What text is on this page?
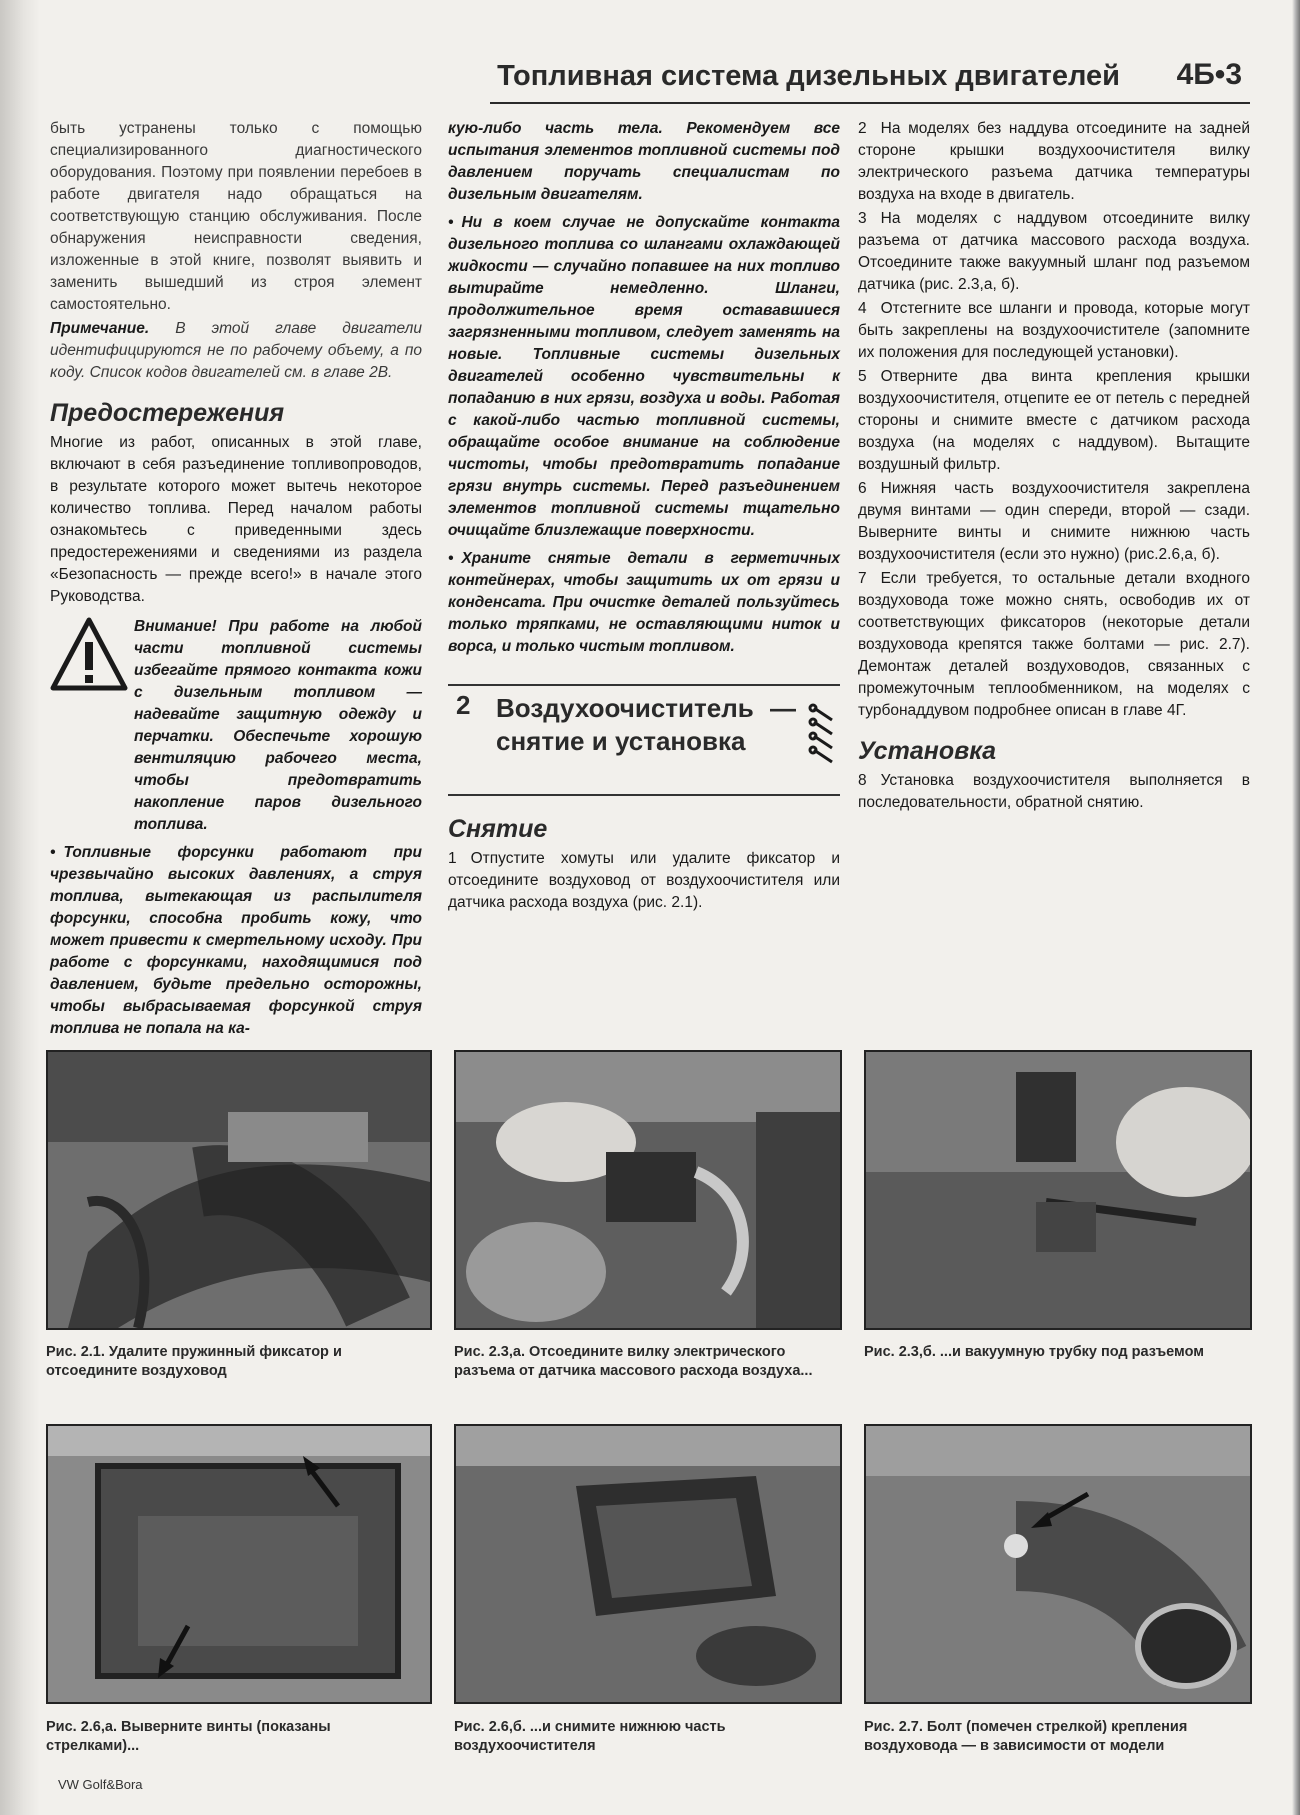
Топливная система дизельных двигателей 4Б•3

быть устранены только с помощью специализированного диагностического оборудования. Поэтому при появлении перебоев в работе двигателя надо обращаться на соответствующую станцию обслуживания. После обнаружения неисправности сведения, изложенные в этой книге, позволят выявить и заменить вышедший из строя элемент самостоятельно.

Примечание. В этой главе двигатели идентифицируются не по рабочему объему, а по коду. Список кодов двигателей см. в главе 2В.

Предостережения

Многие из работ, описанных в этой главе, включают в себя разъединение топливопроводов, в результате которого может вытечь некоторое количество топлива. Перед началом работы ознакомьтесь с приведенными здесь предостережениями и сведениями из раздела «Безопасность — прежде всего!» в начале этого Руководства.

Внимание! При работе на любой части топливной системы избегайте прямого контакта кожи с дизельным топливом — надевайте защитную одежду и перчатки. Обеспечьте хорошую вентиляцию рабочего места, чтобы предотвратить накопление паров дизельного топлива.

• Топливные форсунки работают при чрезвычайно высоких давлениях, а струя топлива, вытекающая из распылителя форсунки, способна пробить кожу, что может привести к смертельному исходу. При работе с форсунками, находящимися под давлением, будьте предельно осторожны, чтобы выбрасываемая форсункой струя топлива не попала на ка-

кую-либо часть тела. Рекомендуем все испытания элементов топливной системы под давлением поручать специалистам по дизельным двигателям.

• Ни в коем случае не допускайте контакта дизельного топлива со шлангами охлаждающей жидкости — случайно попавшее на них топливо вытирайте немедленно. Шланги, продолжительное время остававшиеся загрязненными топливом, следует заменять на новые. Топливные системы дизельных двигателей особенно чувствительны к попаданию в них грязи, воздуха и воды. Работая с какой-либо частью топливной системы, обращайте особое внимание на соблюдение чистоты, чтобы предотвратить попадание грязи внутрь системы. Перед разъединением элементов топливной системы тщательно очищайте близлежащие поверхности.

• Храните снятые детали в герметичных контейнерах, чтобы защитить их от грязи и конденсата. При очистке деталей пользуйтесь только тряпками, не оставляющими ниток и ворса, и только чистым топливом.

2 Воздухоочиститель — снятие и установка
Снятие

1 Отпустите хомуты или удалите фиксатор и отсоедините воздуховод от воздухоочистителя или датчика расхода воздуха (рис. 2.1).

2 На моделях без наддува отсоедините на задней стороне крышки воздухоочистителя вилку электрического разъема датчика температуры воздуха на входе в двигатель.

3 На моделях с наддувом отсоедините вилку разъема от датчика массового расхода воздуха. Отсоедините также вакуумный шланг под разъемом датчика (рис. 2.3,а, б).

4 Отстегните все шланги и провода, которые могут быть закреплены на воздухоочистителе (запомните их положения для последующей установки).

5 Отверните два винта крепления крышки воздухоочистителя, отцепите ее от петель с передней стороны и снимите вместе с датчиком расхода воздуха (на моделях с наддувом). Вытащите воздушный фильтр.

6 Нижняя часть воздухоочистителя закреплена двумя винтами — один спереди, второй — сзади. Выверните винты и снимите нижнюю часть воздухоочистителя (если это нужно) (рис.2.6,а, б).

7 Если требуется, то остальные детали входного воздуховода тоже можно снять, освободив их от соответствующих фиксаторов (некоторые детали воздуховода крепятся также болтами — рис. 2.7). Демонтаж деталей воздуховодов, связанных с промежуточным теплообменником, на моделях с турбонаддувом подробнее описан в главе 4Г.

Установка

8 Установка воздухоочистителя выполняется в последовательности, обратной снятию.

Рис. 2.1. Удалите пружинный фиксатор и отсоедините воздуховод
Рис. 2.3,а. Отсоедините вилку электрического разъема от датчика массового расхода воздуха...
Рис. 2.3,б. ...и вакуумную трубку под разъемом
Рис. 2.6,а. Выверните винты (показаны стрелками)...
Рис. 2.6,б. ...и снимите нижнюю часть воздухоочистителя
Рис. 2.7. Болт (помечен стрелкой) крепления воздуховода — в зависимости от модели
VW Golf&Bora
